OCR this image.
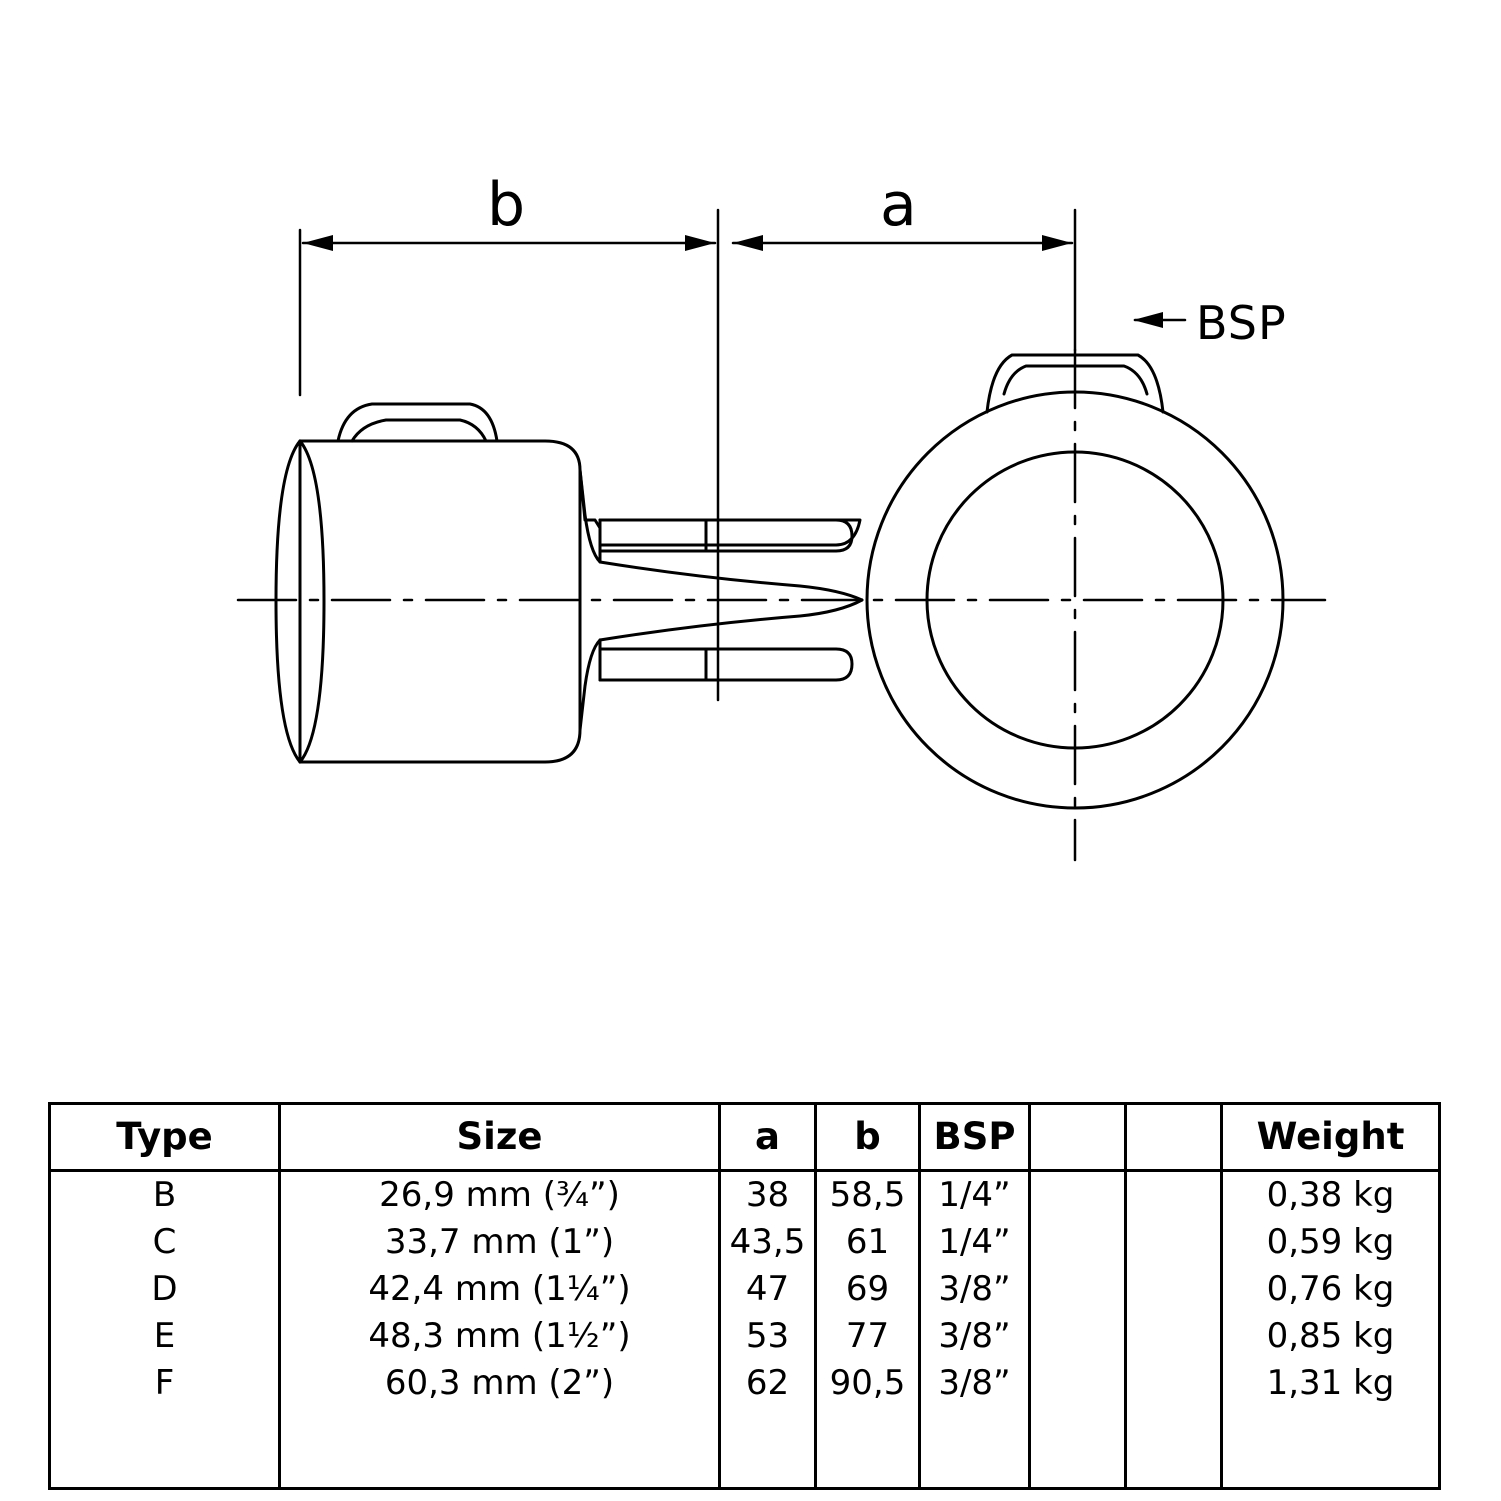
b	a
BSP
Type	Size	a	b	BSP			Weight
B	26,9 mm (¾”)	38	58,5	1/4”			0,38 kg
C	33,7 mm (1”)	43,5	61	1/4”			0,59 kg
D	42,4 mm (1¼”)	47	69	3/8”			0,76 kg
E	48,3 mm (1½”)	53	77	3/8”			0,85 kg
F	60,3 mm (2”)	62	90,5	3/8”			1,31 kg
